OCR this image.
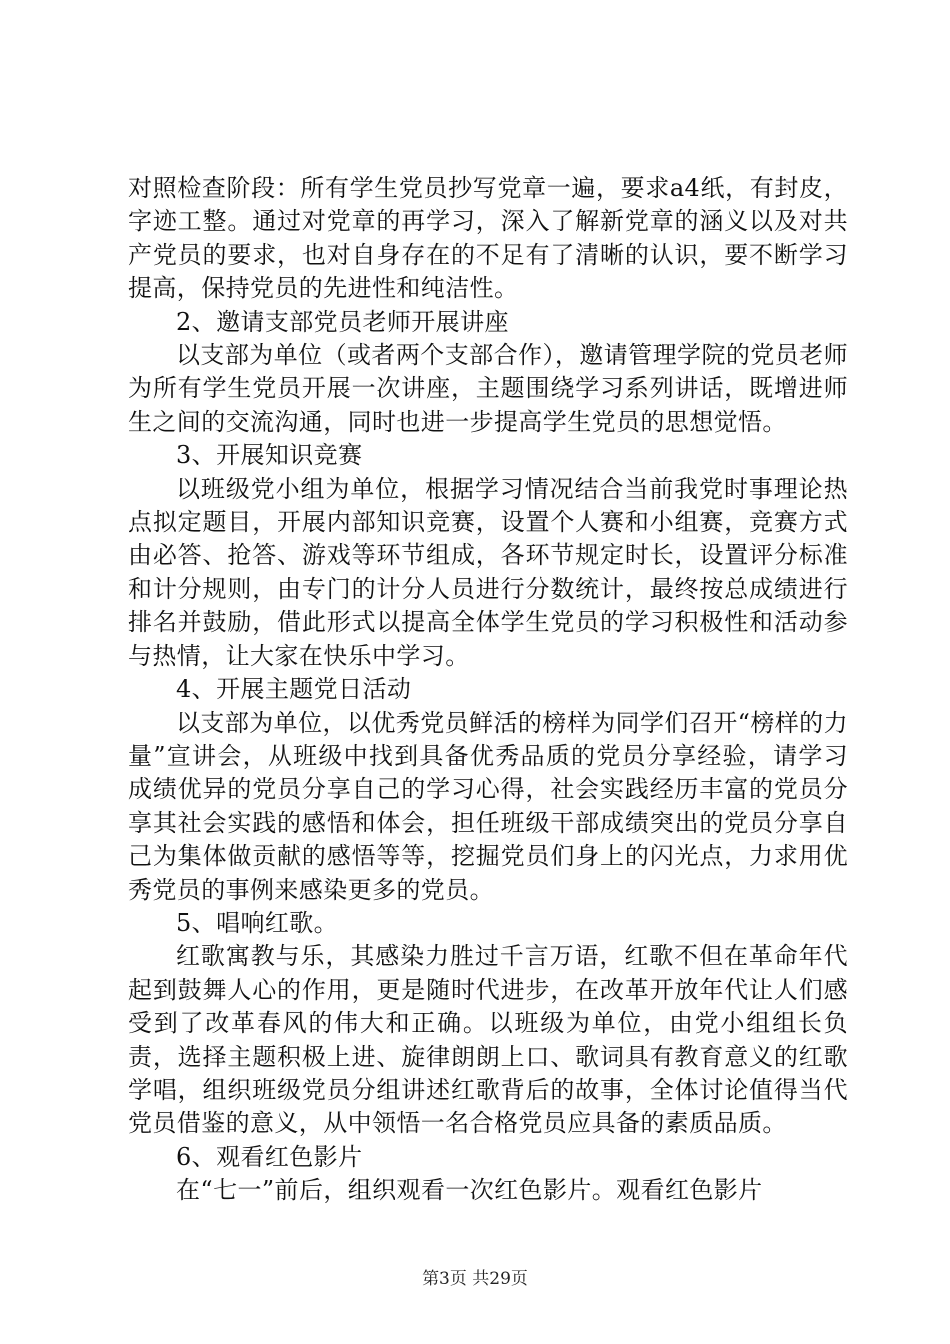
对照检查阶段：所有学生党员抄写党章一遍，要求a4纸，有封皮，字迹工整。通过对党章的再学习，深入了解新党章的涵义以及对共产党员的要求，也对自身存在的不足有了清晰的认识，要不断学习提高，保持党员的先进性和纯洁性。

2、邀请支部党员老师开展讲座

以支部为单位（或者两个支部合作），邀请管理学院的党员老师为所有学生党员开展一次讲座，主题围绕学习系列讲话，既增进师生之间的交流沟通，同时也进一步提高学生党员的思想觉悟。

3、开展知识竞赛

以班级党小组为单位，根据学习情况结合当前我党时事理论热点拟定题目，开展内部知识竞赛，设置个人赛和小组赛，竞赛方式由必答、抢答、游戏等环节组成，各环节规定时长，设置评分标准和计分规则，由专门的计分人员进行分数统计，最终按总成绩进行排名并鼓励，借此形式以提高全体学生党员的学习积极性和活动参与热情，让大家在快乐中学习。

4、开展主题党日活动

以支部为单位，以优秀党员鲜活的榜样为同学们召开“榜样的力量”宣讲会，从班级中找到具备优秀品质的党员分享经验，请学习成绩优异的党员分享自己的学习心得，社会实践经历丰富的党员分享其社会实践的感悟和体会，担任班级干部成绩突出的党员分享自己为集体做贡献的感悟等等，挖掘党员们身上的闪光点，力求用优秀党员的事例来感染更多的党员。

5、唱响红歌。

红歌寓教与乐，其感染力胜过千言万语，红歌不但在革命年代起到鼓舞人心的作用，更是随时代进步，在改革开放年代让人们感受到了改革春风的伟大和正确。以班级为单位，由党小组组长负责，选择主题积极上进、旋律朗朗上口、歌词具有教育意义的红歌学唱，组织班级党员分组讲述红歌背后的故事，全体讨论值得当代党员借鉴的意义，从中领悟一名合格党员应具备的素质品质。

6、观看红色影片

在“七一”前后，组织观看一次红色影片。观看红色影片

第3页 共29页
